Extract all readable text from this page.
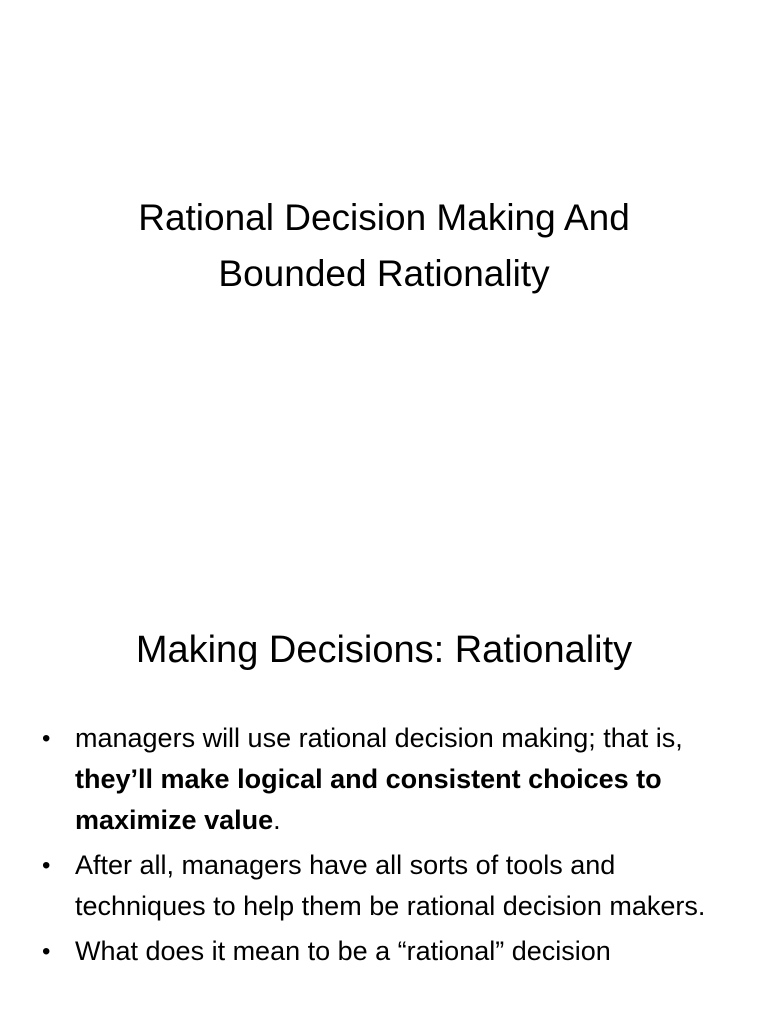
Rational Decision Making And
Bounded Rationality
Making Decisions: Rationality
• managers will use rational decision making; that is, they’ll make logical and consistent choices to maximize value.
• After all, managers have all sorts of tools and techniques to help them be rational decision makers.
• What does it mean to be a “rational” decision
